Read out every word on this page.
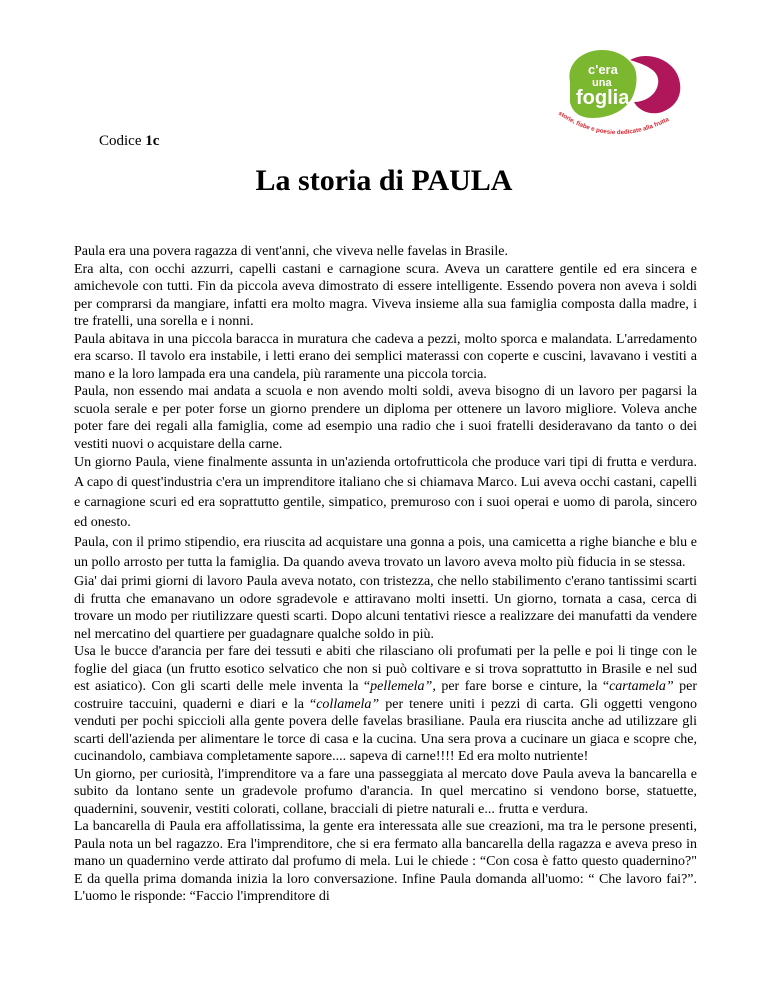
c'era
una
foglia
storie, fiabe e poesie dedicate alla frutta
Codice 1c
La storia di PAULA

Paula era una povera ragazza di vent'anni, che viveva nelle favelas in Brasile.

Era alta, con occhi azzurri, capelli castani e carnagione scura. Aveva un carattere gentile ed era sincera e amichevole con tutti. Fin da piccola aveva dimostrato di essere intelligente. Essendo povera non aveva i soldi per comprarsi da mangiare, infatti era molto magra. Viveva insieme alla sua famiglia composta dalla madre, i tre fratelli, una sorella e i nonni.

Paula abitava in una piccola baracca in muratura che cadeva a pezzi, molto sporca e malandata. L'arredamento era scarso. Il tavolo era instabile, i letti erano dei semplici materassi con coperte e cuscini, lavavano i vestiti a mano e la loro lampada era una candela, più raramente una piccola torcia.

Paula, non essendo mai andata a scuola e non avendo molti soldi, aveva bisogno di un lavoro per pagarsi la scuola serale e per poter forse un giorno prendere un diploma per ottenere un lavoro migliore. Voleva anche poter fare dei regali alla famiglia, come ad esempio una radio che i suoi fratelli desideravano da tanto o dei vestiti nuovi o acquistare della carne.

Un giorno Paula, viene finalmente assunta in un'azienda ortofrutticola che produce vari tipi di frutta e verdura. A capo di quest'industria c'era un imprenditore italiano che si chiamava Marco. Lui aveva occhi castani, capelli e carnagione scuri ed era soprattutto gentile, simpatico, premuroso con i suoi operai e uomo di parola, sincero ed onesto.

Paula, con il primo stipendio, era riuscita ad acquistare una gonna a pois, una camicetta a righe bianche e blu e un pollo arrosto per tutta la famiglia. Da quando aveva trovato un lavoro aveva molto più fiducia in se stessa.

Gia' dai primi giorni di lavoro Paula aveva notato, con tristezza, che nello stabilimento c'erano tantissimi scarti di frutta che emanavano un odore sgradevole e attiravano molti insetti. Un giorno, tornata a casa, cerca di trovare un modo per riutilizzare questi scarti. Dopo alcuni tentativi riesce a realizzare dei manufatti da vendere nel mercatino del quartiere per guadagnare qualche soldo in più.

Usa le bucce d'arancia per fare dei tessuti e abiti che rilasciano oli profumati per la pelle e poi li tinge con le foglie del giaca (un frutto esotico selvatico che non si può coltivare e si trova soprattutto in Brasile e nel sud est asiatico). Con gli scarti delle mele inventa la “pellemela”, per fare borse e cinture, la “cartamela” per costruire taccuini, quaderni e diari e la “collamela” per tenere uniti i pezzi di carta. Gli oggetti vengono venduti per pochi spiccioli alla gente povera delle favelas brasiliane. Paula era riuscita anche ad utilizzare gli scarti dell'azienda per alimentare le torce di casa e la cucina. Una sera prova a cucinare un giaca e scopre che, cucinandolo, cambiava completamente sapore.... sapeva di carne!!!! Ed era molto nutriente!

Un giorno, per curiosità, l'imprenditore va a fare una passeggiata al mercato dove Paula aveva la bancarella e subito da lontano sente un gradevole profumo d'arancia. In quel mercatino si vendono borse, statuette, quadernini, souvenir, vestiti colorati, collane, bracciali di pietre naturali e... frutta e verdura.

La bancarella di Paula era affollatissima, la gente era interessata alle sue creazioni, ma tra le persone presenti, Paula nota un bel ragazzo. Era l'imprenditore, che si era fermato alla bancarella della ragazza e aveva preso in mano un quadernino verde attirato dal profumo di mela. Lui le chiede : “Con cosa è fatto questo quadernino?" E da quella prima domanda inizia la loro conversazione. Infine Paula domanda all'uomo: “ Che lavoro fai?”. L'uomo le risponde: “Faccio l'imprenditore di
